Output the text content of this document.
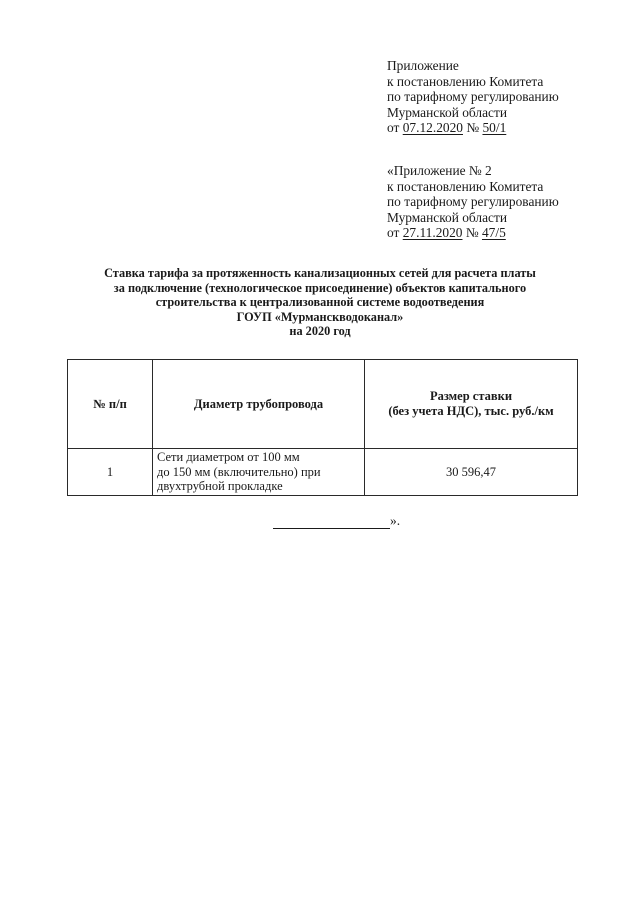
Приложение
к постановлению Комитета
по тарифному регулированию
Мурманской области
от 07.12.2020 № 50/1
«Приложение № 2
к постановлению Комитета
по тарифному регулированию
Мурманской области
от 27.11.2020 № 47/5
Ставка тарифа за протяженность канализационных сетей для расчета платы
за подключение (технологическое присоединение) объектов капитального
строительства к централизованной системе водоотведения
ГОУП «Мурманскводоканал»
на 2020 год
№ п/п	Диаметр трубопровода	Размер ставки
(без учета НДС), тыс. руб./км
1	Сети диаметром от 100 мм
до 150 мм (включительно) при
двухтрубной прокладке	30 596,47
».
